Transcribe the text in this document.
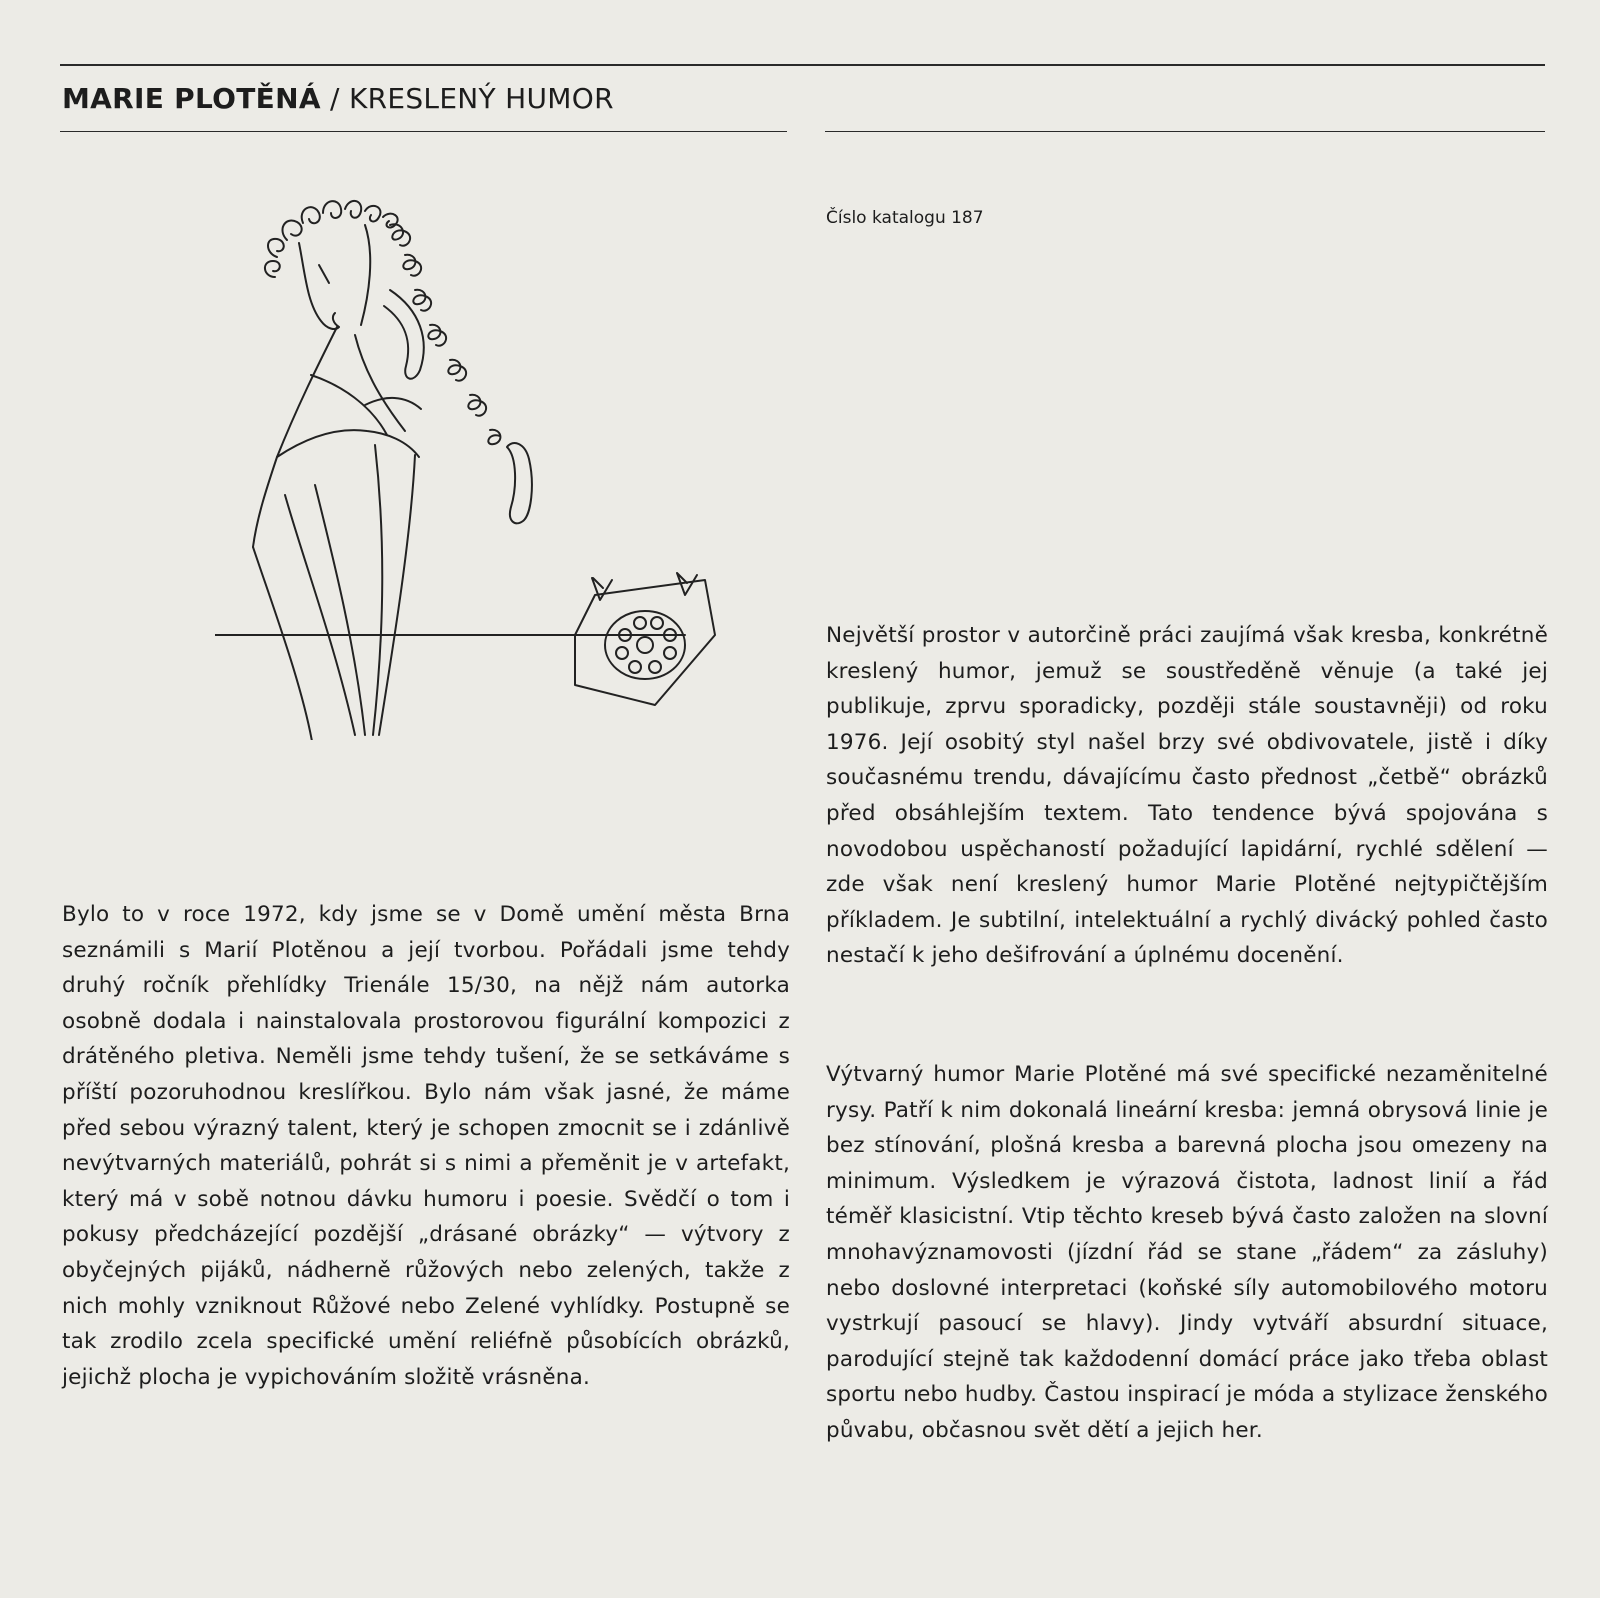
MARIE PLOTĚNÁ / KRESLENÝ HUMOR
Číslo katalogu 187

Bylo to v roce 1972, kdy jsme se v Domě umění města Brna seznámili s Marií Plotěnou a její tvorbou. Pořádali jsme tehdy druhý ročník přehlídky Trienále 15/30, na nějž nám autorka osobně dodala i nainstalovala prostorovou figurální kompozici z drátěného pletiva. Neměli jsme tehdy tušení, že se setkáváme s příští pozoruhodnou kreslířkou. Bylo nám však jasné, že máme před sebou výrazný talent, který je schopen zmocnit se i zdánlivě nevýtvarných materiálů, pohrát si s nimi a přeměnit je v artefakt, který má v sobě notnou dávku humoru i poesie. Svědčí o tom i pokusy předcházející pozdější „drásané obrázky“ — výtvory z obyčejných pijáků, nádherně růžových nebo zelených, takže z nich mohly vzniknout Růžové nebo Zelené vyhlídky. Postupně se tak zrodilo zcela specifické umění reliéfně působících obrázků, jejichž plocha je vypichováním složitě vrásněna.

Největší prostor v autorčině práci zaujímá však kresba, konkrétně kreslený humor, jemuž se soustředěně věnuje (a také jej publikuje, zprvu sporadicky, později stále soustavněji) od roku 1976. Její osobitý styl našel brzy své obdivovatele, jistě i díky současnému trendu, dávajícímu často přednost „četbě“ obrázků před obsáhlejším textem. Tato tendence bývá spojována s novodobou uspěchaností požadující lapidární, rychlé sdělení — zde však není kreslený humor Marie Plotěné nejtypičtějším příkladem. Je subtilní, intelektuální a rychlý divácký pohled často nestačí k jeho dešifrování a úplnému docenění.

Výtvarný humor Marie Plotěné má své specifické nezaměnitelné rysy. Patří k nim dokonalá lineární kresba: jemná obrysová linie je bez stínování, plošná kresba a barevná plocha jsou omezeny na minimum. Výsledkem je výrazová čistota, ladnost linií a řád téměř klasicistní. Vtip těchto kreseb bývá často založen na slovní mnohavýznamovosti (jízdní řád se stane „řádem“ za zásluhy) nebo doslovné interpretaci (koňské síly automobilového motoru vystrkují pasoucí se hlavy). Jindy vytváří absurdní situace, parodující stejně tak každodenní domácí práce jako třeba oblast sportu nebo hudby. Častou inspirací je móda a stylizace ženského půvabu, občasnou svět dětí a jejich her.
